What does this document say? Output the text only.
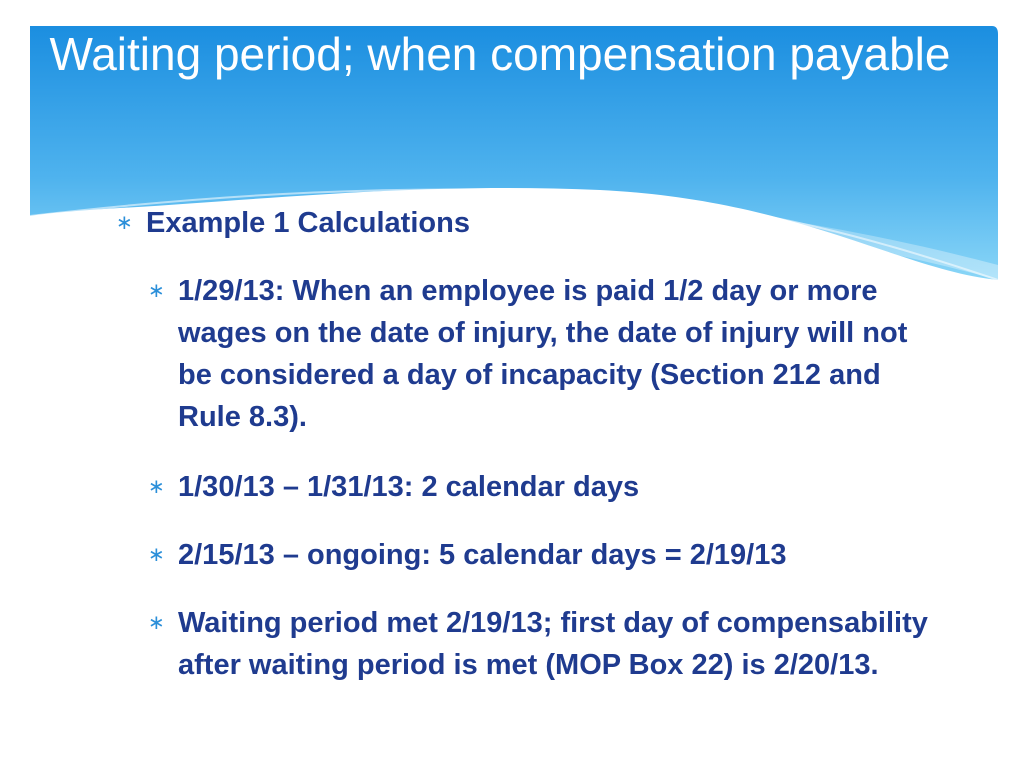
Waiting period; when compensation payable
∗ Example 1 Calculations
∗ 1/29/13: When an employee is paid 1/2 day or more wages on the date of injury, the date of injury will not be considered a day of incapacity (Section 212 and Rule 8.3).
∗ 1/30/13 – 1/31/13: 2 calendar days
∗ 2/15/13 – ongoing: 5 calendar days = 2/19/13
∗ Waiting period met 2/19/13; first day of compensability after waiting period is met (MOP Box 22) is 2/20/13.
